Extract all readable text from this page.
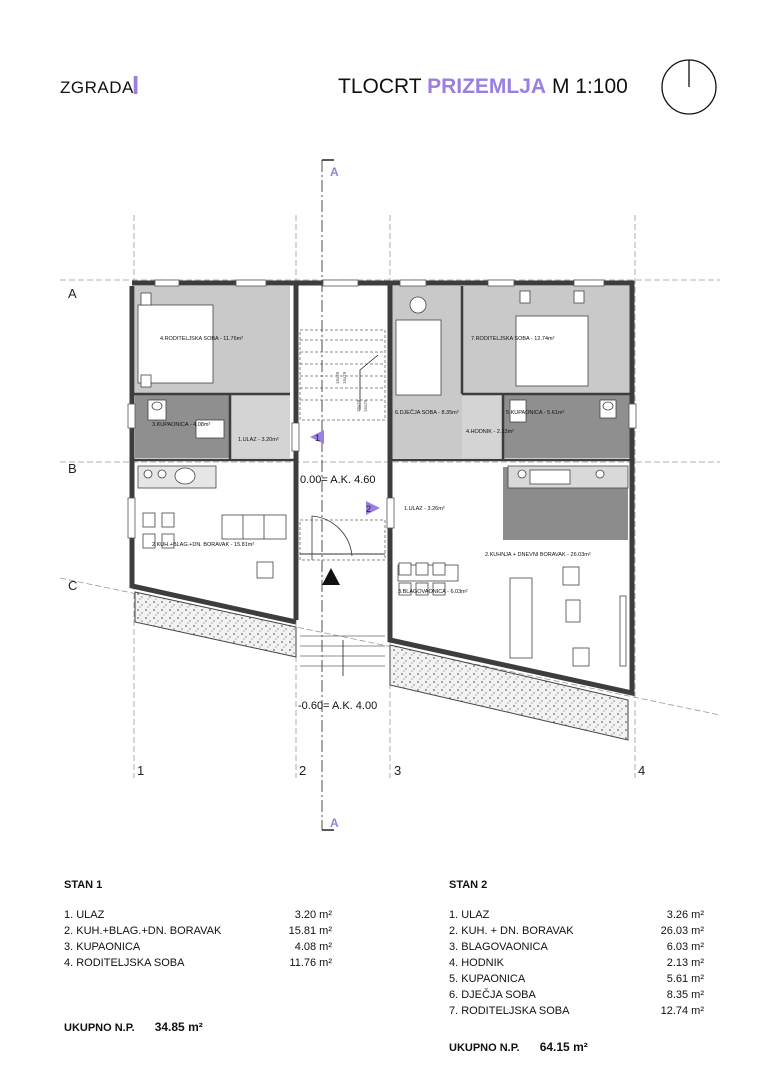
ZGRADA
I	TLOCRT PRIZEMLJA M 1:100
A
A
A
B
C
1	2	3	4
16x29 16x29
16x29 16x29
1
2
4.RODITELJSKA SOBA - 11.76m²
3.KUPAONICA - 4.08m²
1.ULAZ - 3.20m²
2.KUH.+BLAG.+DN. BORAVAK - 15.81m²
7.RODITELJSKA SOBA - 12.74m²
6.DJEČJA SOBA - 8.35m²
4.HODNIK - 2.13m²
5.KUPAONICA - 5.61m²
1.ULAZ - 3.26m²
2.KUHNJA + DNEVNI BORAVAK - 26.03m²
3.BLAGOVAONICA - 6.03m²
0.00= A.K. 4.60
-0.60= A.K. 4.00
STAN 1
1. ULAZ	3.20 m²
2. KUH.+BLAG.+DN. BORAVAK	15.81 m²
3. KUPAONICA	4.08 m²
4. RODITELJSKA SOBA	11.76 m²
UKUPNO N.P. 34.85 m²
STAN 2
1. ULAZ	3.26 m²
2. KUH. + DN. BORAVAK	26.03 m²
3. BLAGOVAONICA	6.03 m²
4. HODNIK	2.13 m²
5. KUPAONICA	5.61 m²
6. DJEČJA SOBA	8.35 m²
7. RODITELJSKA SOBA	12.74 m²
UKUPNO N.P. 64.15 m²
